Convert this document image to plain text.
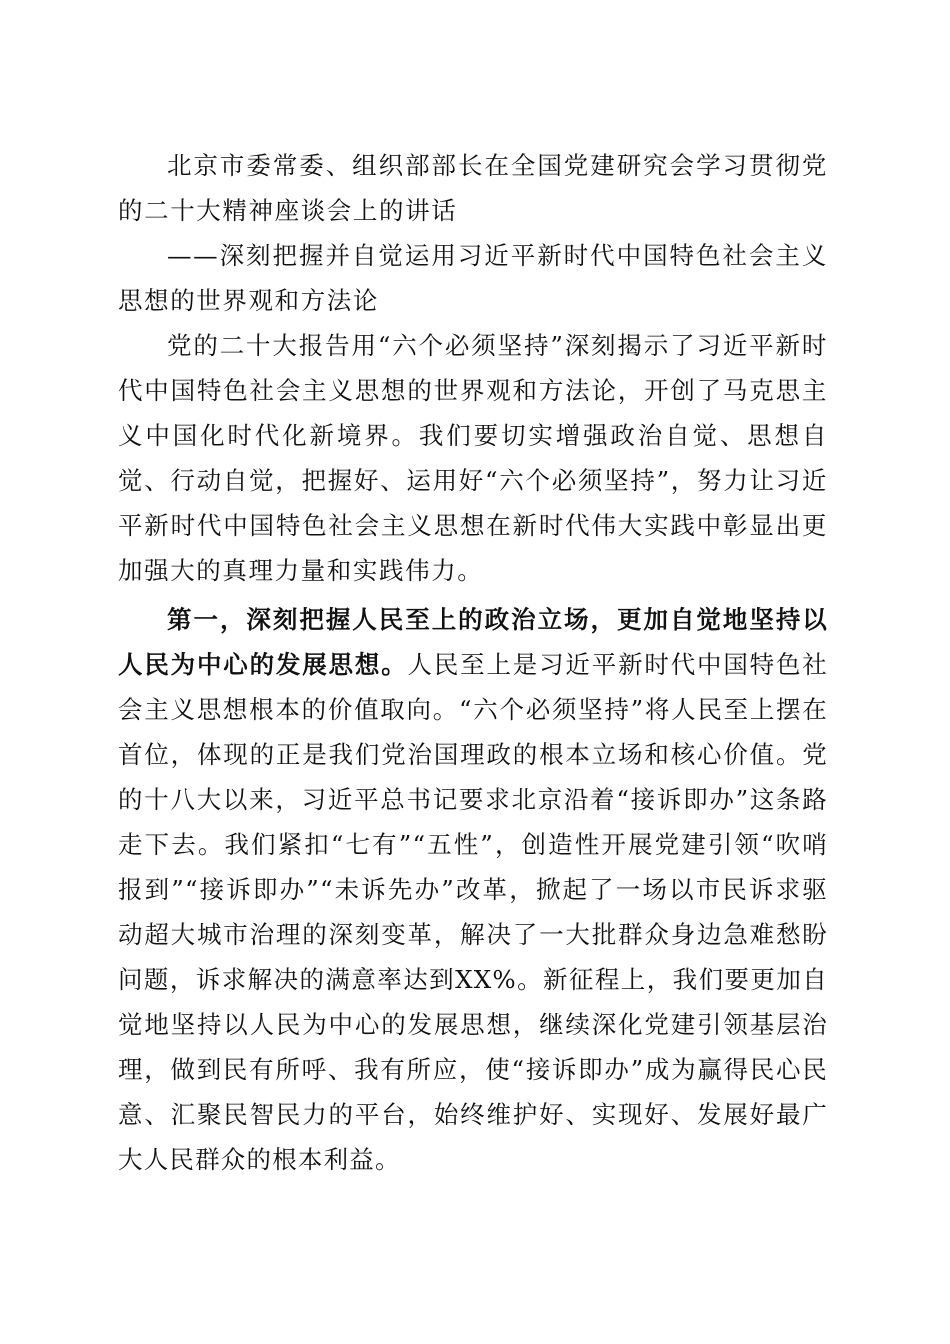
北京市委常委、组织部部长在全国党建研究会学习贯彻党的二十大精神座谈会上的讲话

——深刻把握并自觉运用习近平新时代中国特色社会主义思想的世界观和方法论

党的二十大报告用“六个必须坚持”深刻揭示了习近平新时代中国特色社会主义思想的世界观和方法论，开创了马克思主义中国化时代化新境界。我们要切实增强政治自觉、思想自觉、行动自觉，把握好、运用好“六个必须坚持”，努力让习近平新时代中国特色社会主义思想在新时代伟大实践中彰显出更加强大的真理力量和实践伟力。

第一，深刻把握人民至上的政治立场，更加自觉地坚持以人民为中心的发展思想。人民至上是习近平新时代中国特色社会主义思想根本的价值取向。“六个必须坚持”将人民至上摆在首位，体现的正是我们党治国理政的根本立场和核心价值。党的十八大以来，习近平总书记要求北京沿着“接诉即办”这条路走下去。我们紧扣“七有”“五性”，创造性开展党建引领“吹哨报到”“接诉即办”“未诉先办”改革，掀起了一场以市民诉求驱动超大城市治理的深刻变革，解决了一大批群众身边急难愁盼问题，诉求解决的满意率达到XX%。新征程上，我们要更加自觉地坚持以人民为中心的发展思想，继续深化党建引领基层治理，做到民有所呼、我有所应，使“接诉即办”成为赢得民心民意、汇聚民智民力的平台，始终维护好、实现好、发展好最广大人民群众的根本利益。
